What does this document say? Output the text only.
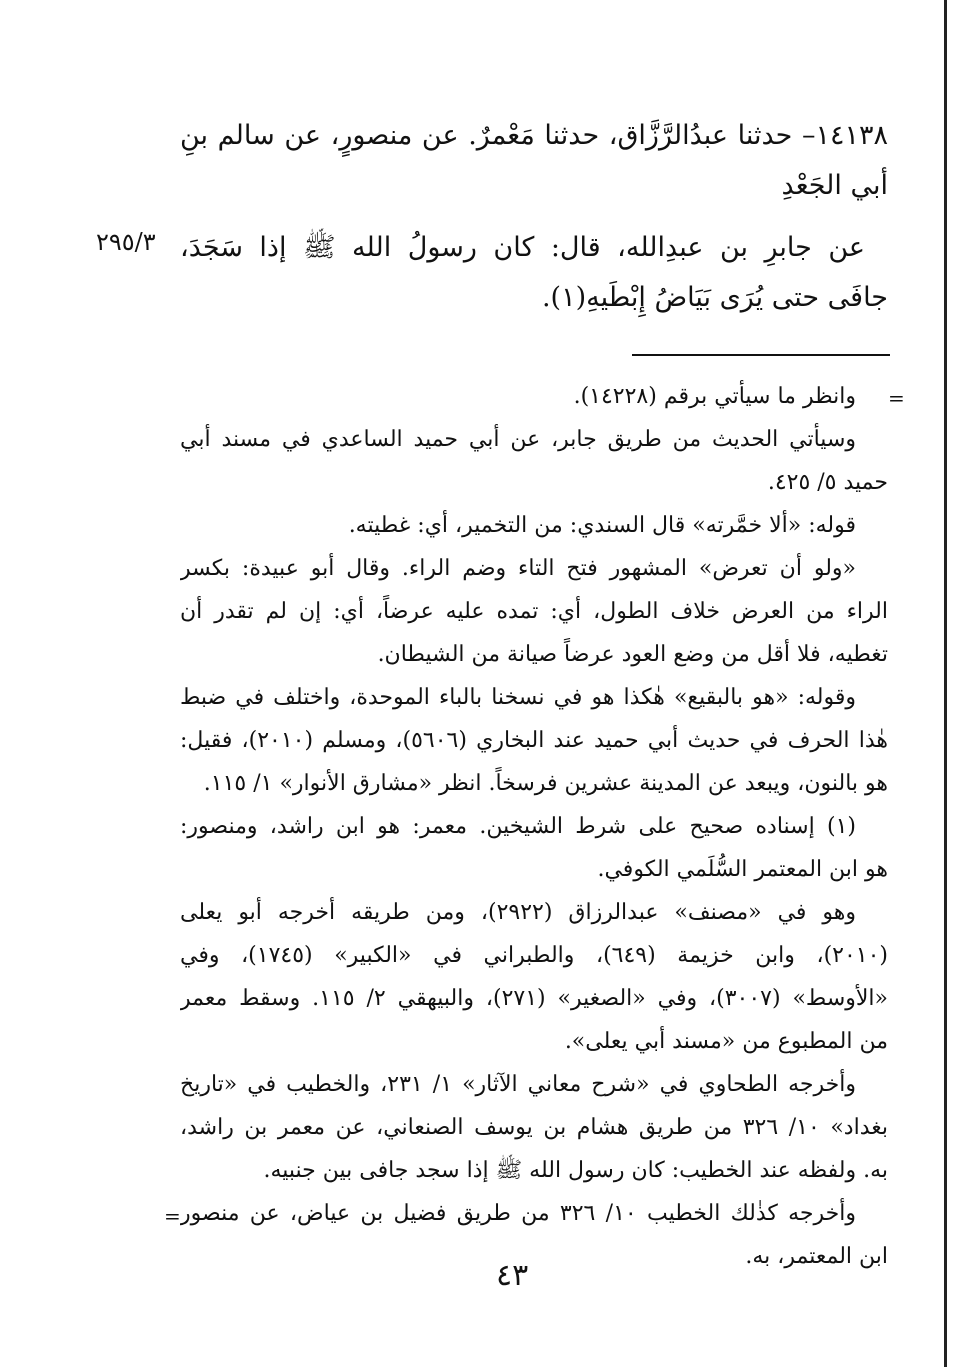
١٤١٣٨– حدثنا عبدُالرَّزَّاق، حدثنا مَعْمرٌ. عن منصورٍ، عن سالم بنِ
أَبي الجَعْدِ
عن جابرِ بن عبدِالله، قال: كان رسولُ الله ﷺ إذا سَجَدَ،
جافَى حتى يُرَى بَيَاضُ إِبْطَيهِ(١).
٢٩٥/٣
=
وانظر ما سيأتي برقم (١٤٢٢٨).
وسيأتي الحديث من طريق جابر، عن أبي حميد الساعدي في مسند أبي
حميد ٥/ ٤٢٥.
قوله: «ألا خمَّرته» قال السندي: من التخمير، أي: غطيته.
«ولو أن تعرض» المشهور فتح التاء وضم الراء. وقال أبو عبيدة: بكسر
الراء من العرض خلاف الطول، أي: تمده عليه عرضاً، أي: إن لم تقدر أن
تغطيه، فلا أقل من وضع العود عرضاً صيانة من الشيطان.
وقوله: «هو بالبقيع» هٰكذا هو في نسخنا بالباء الموحدة، واختلف في ضبط
هٰذا الحرف في حديث أبي حميد عند البخاري (٥٦٠٦)، ومسلم (٢٠١٠)، فقيل:
هو بالنون، ويبعد عن المدينة عشرين فرسخاً. انظر «مشارق الأنوار» ١/ ١١٥.
(١) إسناده صحيح على شرط الشيخين. معمر: هو ابن راشد، ومنصور:
هو ابن المعتمر السُّلَمي الكوفي.
وهو في «مصنف» عبدالرزاق (٢٩٢٢)، ومن طريقه أخرجه أبو يعلى
(٢٠١٠)، وابن خزيمة (٦٤٩)، والطبراني في «الكبير» (١٧٤٥)، وفي
«الأوسط» (٣٠٠٧)، وفي «الصغير» (٢٧١)، والبيهقي ٢/ ١١٥. وسقط معمر
من المطبوع من «مسند أبي يعلى».
وأخرجه الطحاوي في «شرح معاني الآثار» ١/ ٢٣١، والخطيب في «تاريخ
بغداد» ١٠/ ٣٢٦ من طريق هشام بن يوسف الصنعاني، عن معمر بن راشد،
به. ولفظه عند الخطيب: كان رسول الله ﷺ إذا سجد جافى بين جنبيه.
وأخرجه كذٰلك الخطيب ١٠/ ٣٢٦ من طريق فضيل بن عياض، عن منصور
ابن المعتمر، به.
=
٤٣
